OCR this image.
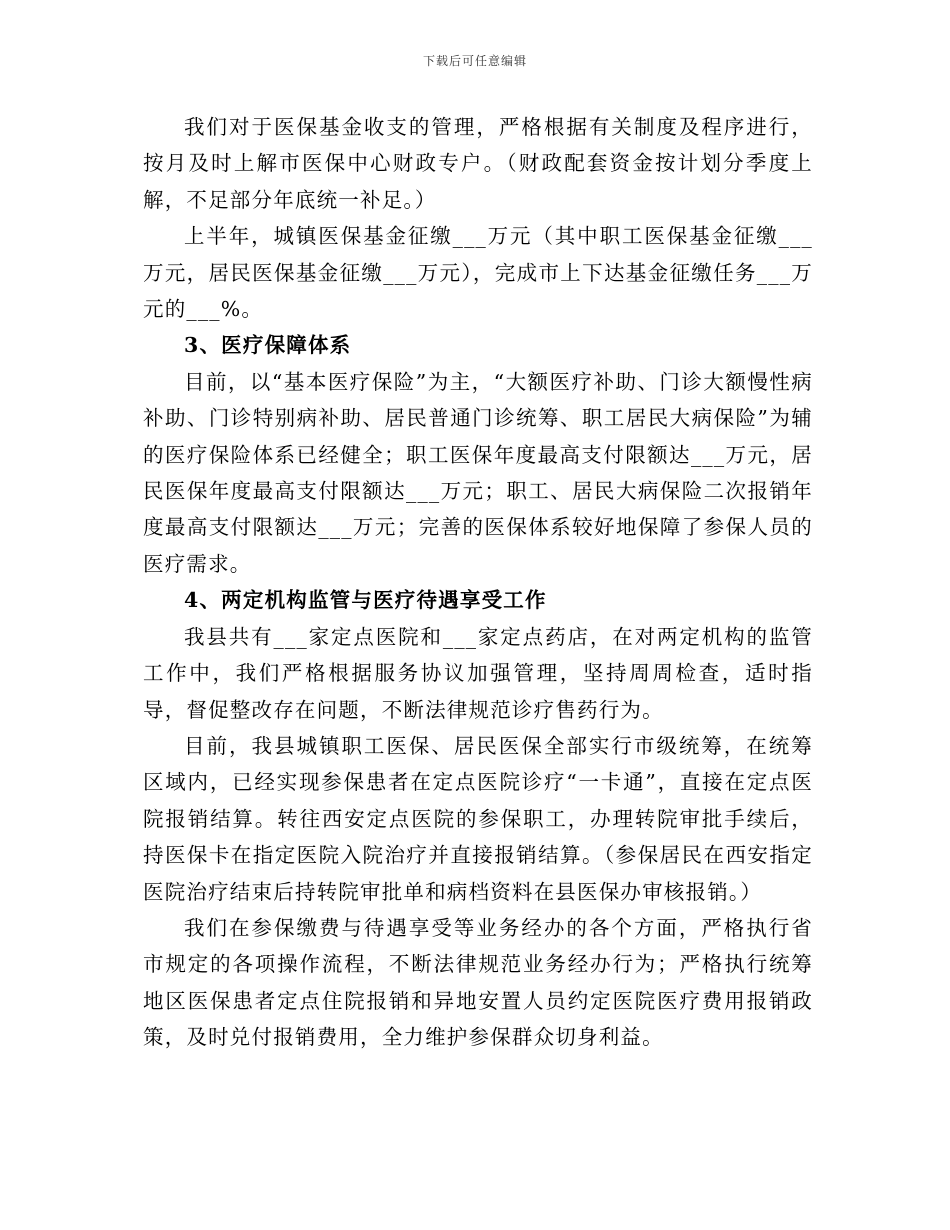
下载后可任意编辑

我们对于医保基金收支的管理，严格根据有关制度及程序进行，按月及时上解市医保中心财政专户。（财政配套资金按计划分季度上解，不足部分年底统一补足。）

上半年，城镇医保基金征缴___万元（其中职工医保基金征缴___万元，居民医保基金征缴___万元），完成市上下达基金征缴任务___万元的___%。

3、医疗保障体系

目前，以“基本医疗保险”为主，“大额医疗补助、门诊大额慢性病补助、门诊特别病补助、居民普通门诊统筹、职工居民大病保险”为辅的医疗保险体系已经健全；职工医保年度最高支付限额达___万元，居民医保年度最高支付限额达___万元；职工、居民大病保险二次报销年度最高支付限额达___万元；完善的医保体系较好地保障了参保人员的医疗需求。

4、两定机构监管与医疗待遇享受工作

我县共有___家定点医院和___家定点药店，在对两定机构的监管工作中，我们严格根据服务协议加强管理，坚持周周检查，适时指导，督促整改存在问题，不断法律规范诊疗售药行为。

目前，我县城镇职工医保、居民医保全部实行市级统筹，在统筹区域内，已经实现参保患者在定点医院诊疗“一卡通”，直接在定点医院报销结算。转往西安定点医院的参保职工，办理转院审批手续后，持医保卡在指定医院入院治疗并直接报销结算。（参保居民在西安指定医院治疗结束后持转院审批单和病档资料在县医保办审核报销。）

我们在参保缴费与待遇享受等业务经办的各个方面，严格执行省市规定的各项操作流程，不断法律规范业务经办行为；严格执行统筹地区医保患者定点住院报销和异地安置人员约定医院医疗费用报销政策，及时兑付报销费用，全力维护参保群众切身利益。
